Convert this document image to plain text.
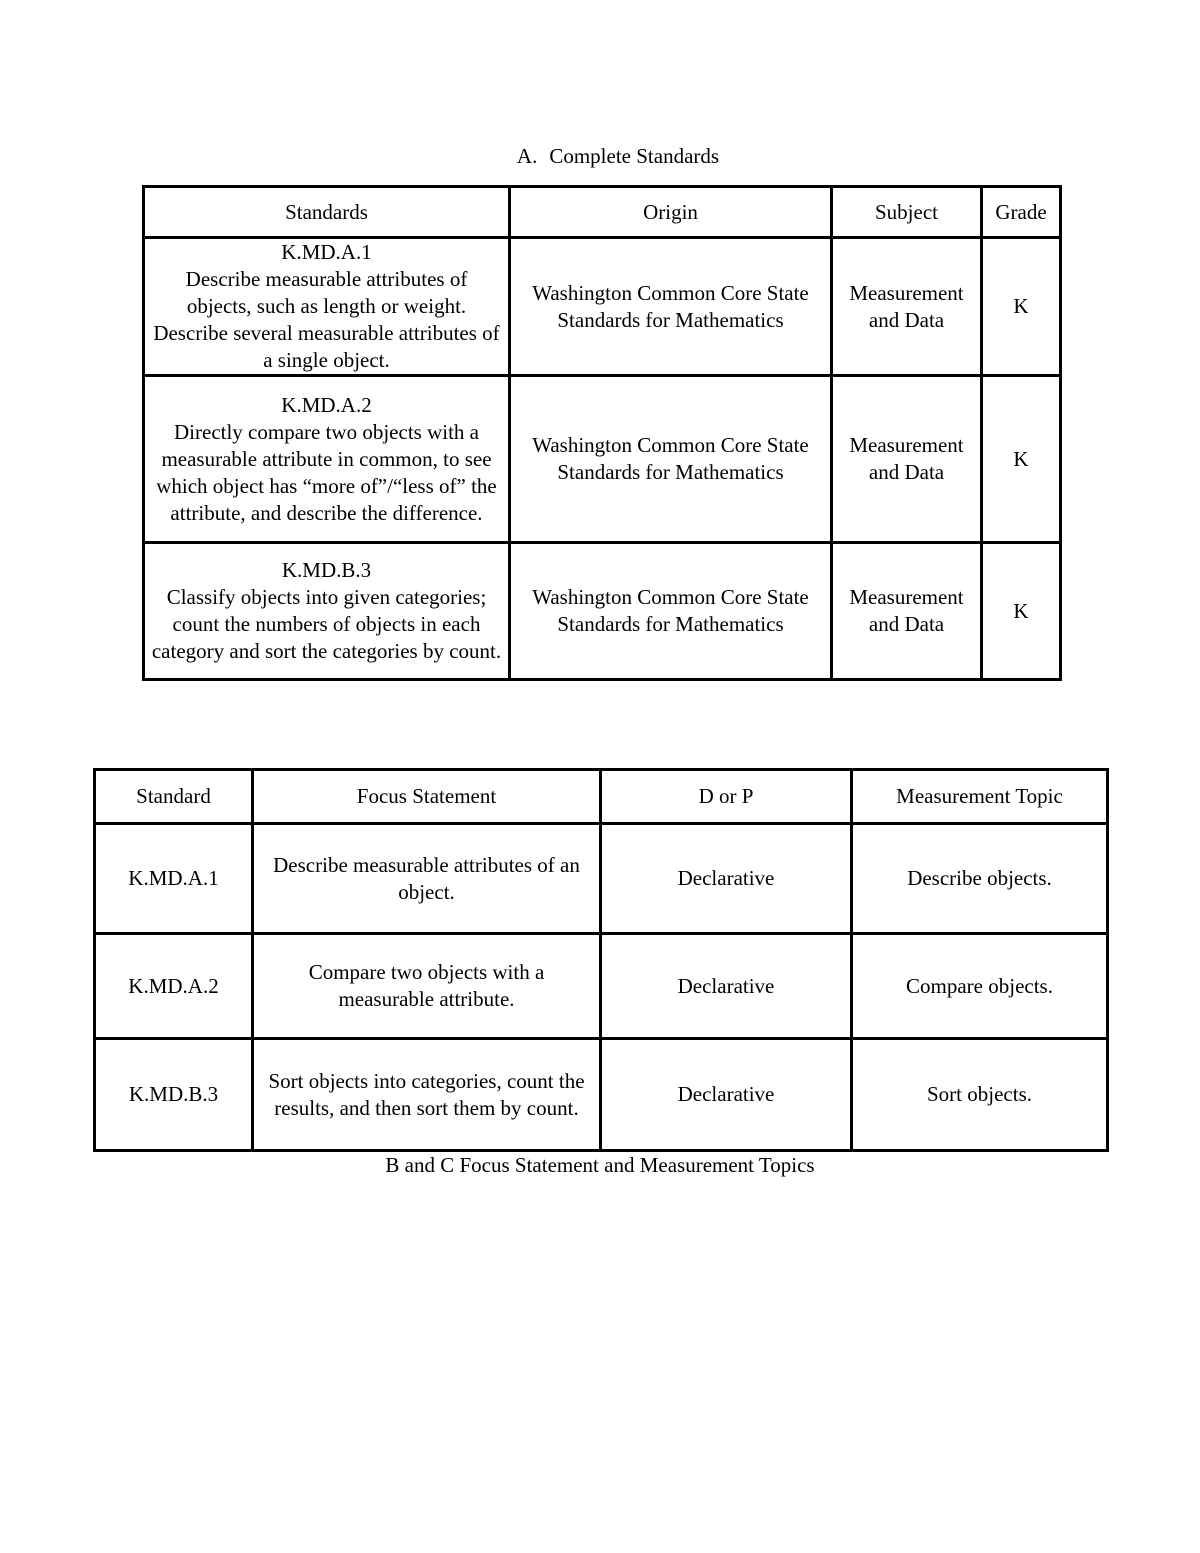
A. Complete Standards
Standards	Origin	Subject	Grade

K.MD.A.1
Describe measurable attributes of objects, such as length or weight. Describe several measurable attributes of a single object.	Washington Common Core State Standards for Mathematics	Measurement and Data	K

K.MD.A.2
Directly compare two objects with a measurable attribute in common, to see which object has “more of”/“less of” the attribute, and describe the difference.	Washington Common Core State Standards for Mathematics	Measurement and Data	K

K.MD.B.3
Classify objects into given categories; count the numbers of objects in each category and sort the categories by count.	Washington Common Core State Standards for Mathematics	Measurement and Data	K
Standard	Focus Statement	D or P	Measurement Topic
K.MD.A.1	Describe measurable attributes of an object.	Declarative	Describe objects.
K.MD.A.2	Compare two objects with a measurable attribute.	Declarative	Compare objects.
K.MD.B.3	Sort objects into categories, count the results, and then sort them by count.	Declarative	Sort objects.
B and C Focus Statement and Measurement Topics
